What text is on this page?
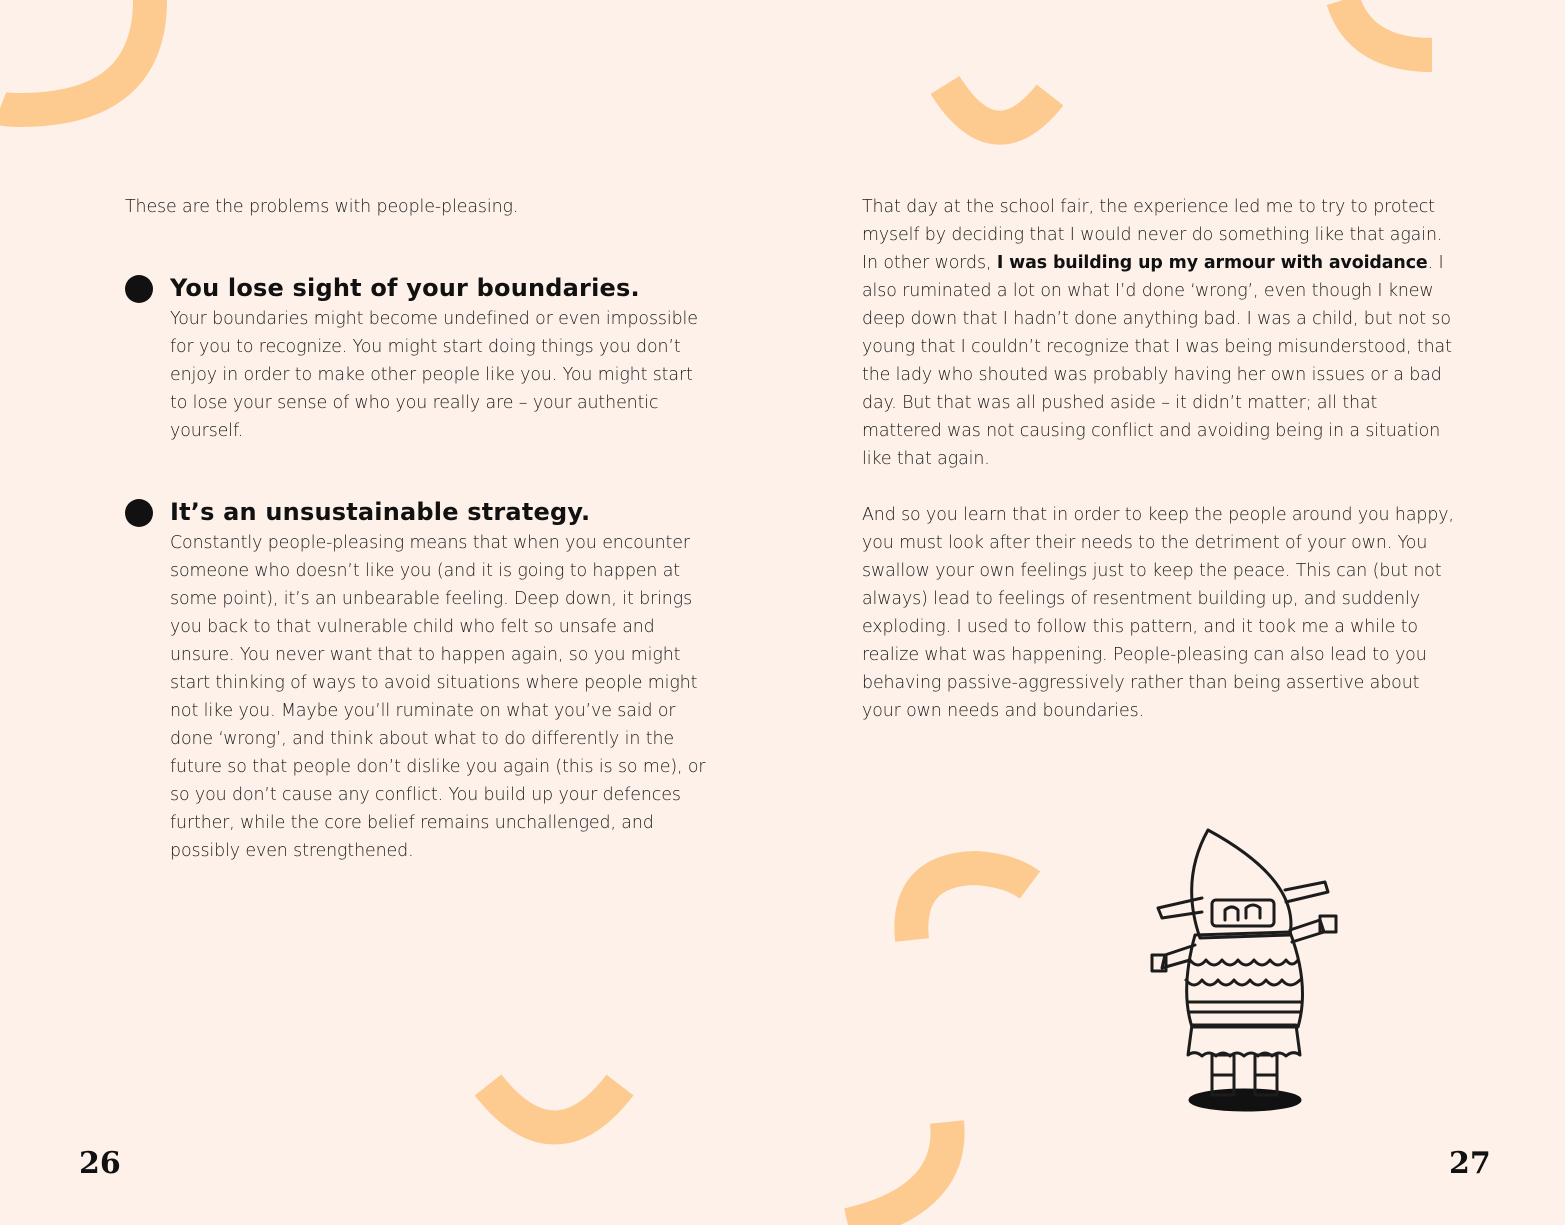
These are the problems with people-pleasing.

You lose sight of your boundaries.

Your boundaries might become undefined or even impossible for you to recognize. You might start doing things you don’t enjoy in order to make other people like you. You might start to lose your sense of who you really are – your authentic yourself.

It’s an unsustainable strategy.

Constantly people-pleasing means that when you encounter someone who doesn’t like you (and it is going to happen at some point), it’s an unbearable feeling. Deep down, it brings you back to that vulnerable child who felt so unsafe and unsure. You never want that to happen again, so you might start thinking of ways to avoid situations where people might not like you. Maybe you’ll ruminate on what you’ve said or done ‘wrong’, and think about what to do differently in the future so that people don’t dislike you again (this is so me), or so you don’t cause any conflict. You build up your defences further, while the core belief remains unchallenged, and possibly even strengthened.

26

That day at the school fair, the experience led me to try to protect myself by deciding that I would never do something like that again. In other words, I was building up my armour with avoidance. I also ruminated a lot on what I’d done ‘wrong’, even though I knew deep down that I hadn’t done anything bad. I was a child, but not so young that I couldn’t recognize that I was being misunderstood, that the lady who shouted was probably having her own issues or a bad day. But that was all pushed aside – it didn’t matter; all that mattered was not causing conflict and avoiding being in a situation like that again.

And so you learn that in order to keep the people around you happy, you must look after their needs to the detriment of your own. You swallow your own feelings just to keep the peace. This can (but not always) lead to feelings of resentment building up, and suddenly exploding. I used to follow this pattern, and it took me a while to realize what was happening. People-pleasing can also lead to you behaving passive-aggressively rather than being assertive about your own needs and boundaries.

27
